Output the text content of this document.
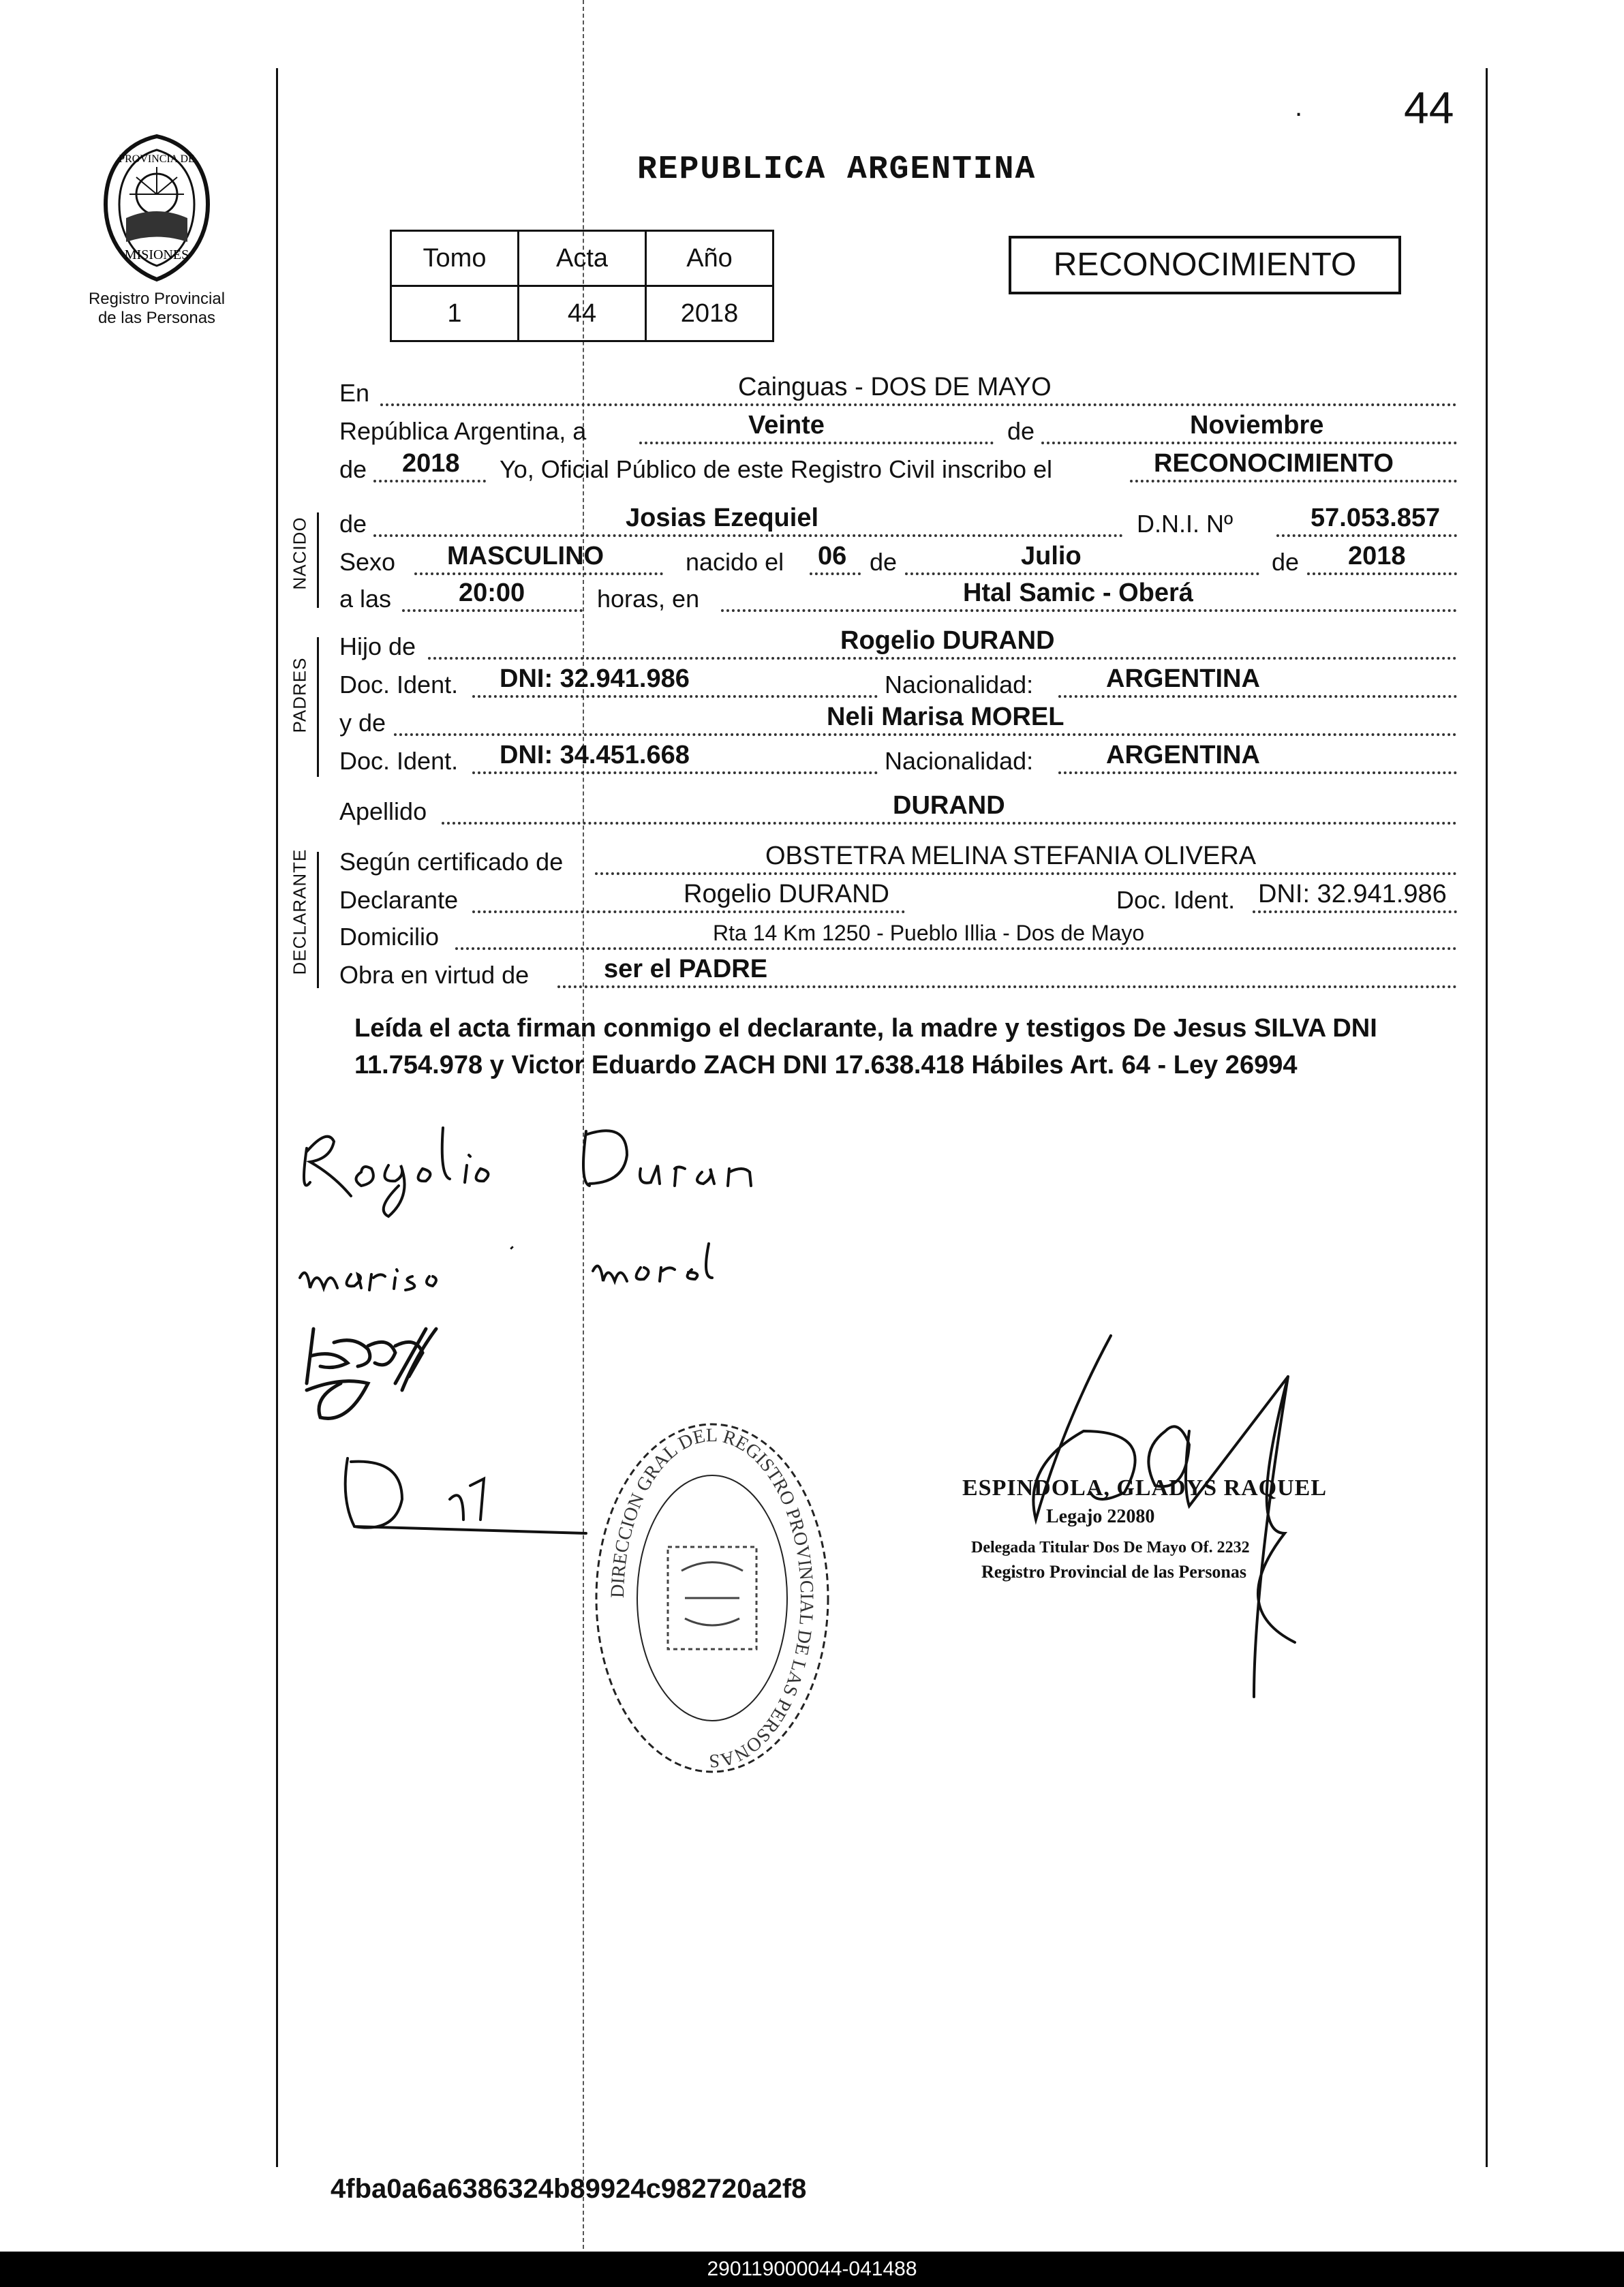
PROVINCIA DE
MISIONES
Registro Provincial
de las Personas
. 44
REPUBLICA ARGENTINA
Tomo	Acta	Año
1	44	2018
RECONOCIMIENTO
En	Cainguas - DOS DE MAYO
República Argentina, a	Veinte	de	Noviembre
de 2018 Yo, Oficial Público de este Registro Civil inscribo el	RECONOCIMIENTO
NACIDO de	Josias Ezequiel	D.N.I. Nº	57.053.857
Sexo MASCULINO	nacido el 06 de	Julio	de 2018
a las	20:00	horas, en	Htal Samic - Oberá
PADRES
Hijo de	Rogelio DURAND
Doc. Ident. DNI: 32.941.986	Nacionalidad:	ARGENTINA
y de	Neli Marisa MOREL
Doc. Ident. DNI: 34.451.668	Nacionalidad:	ARGENTINA
Apellido	DURAND
DECLARANTE Según certificado de	OBSTETRA MELINA STEFANIA OLIVERA
Declarante	Rogelio DURAND	Doc. Ident. DNI: 32.941.986
Domicilio	Rta 14 Km 1250 - Pueblo Illia - Dos de Mayo
Obra en virtud de	ser el PADRE
Leída el acta firman conmigo el declarante, la madre y testigos De Jesus SILVA DNI 11.754.978 y Victor Eduardo ZACH DNI 17.638.418 Hábiles Art. 64 - Ley 26994
DIRECCION GRAL DEL REGISTRO PROVINCIAL DE LAS PERSONAS
ESPINDOLA, GLADYS RAQUEL
Legajo 22080
Delegada Titular Dos De Mayo Of. 2232
Registro Provincial de las Personas
4fba0a6a6386324b89924c982720a2f8
290119000044-041488
